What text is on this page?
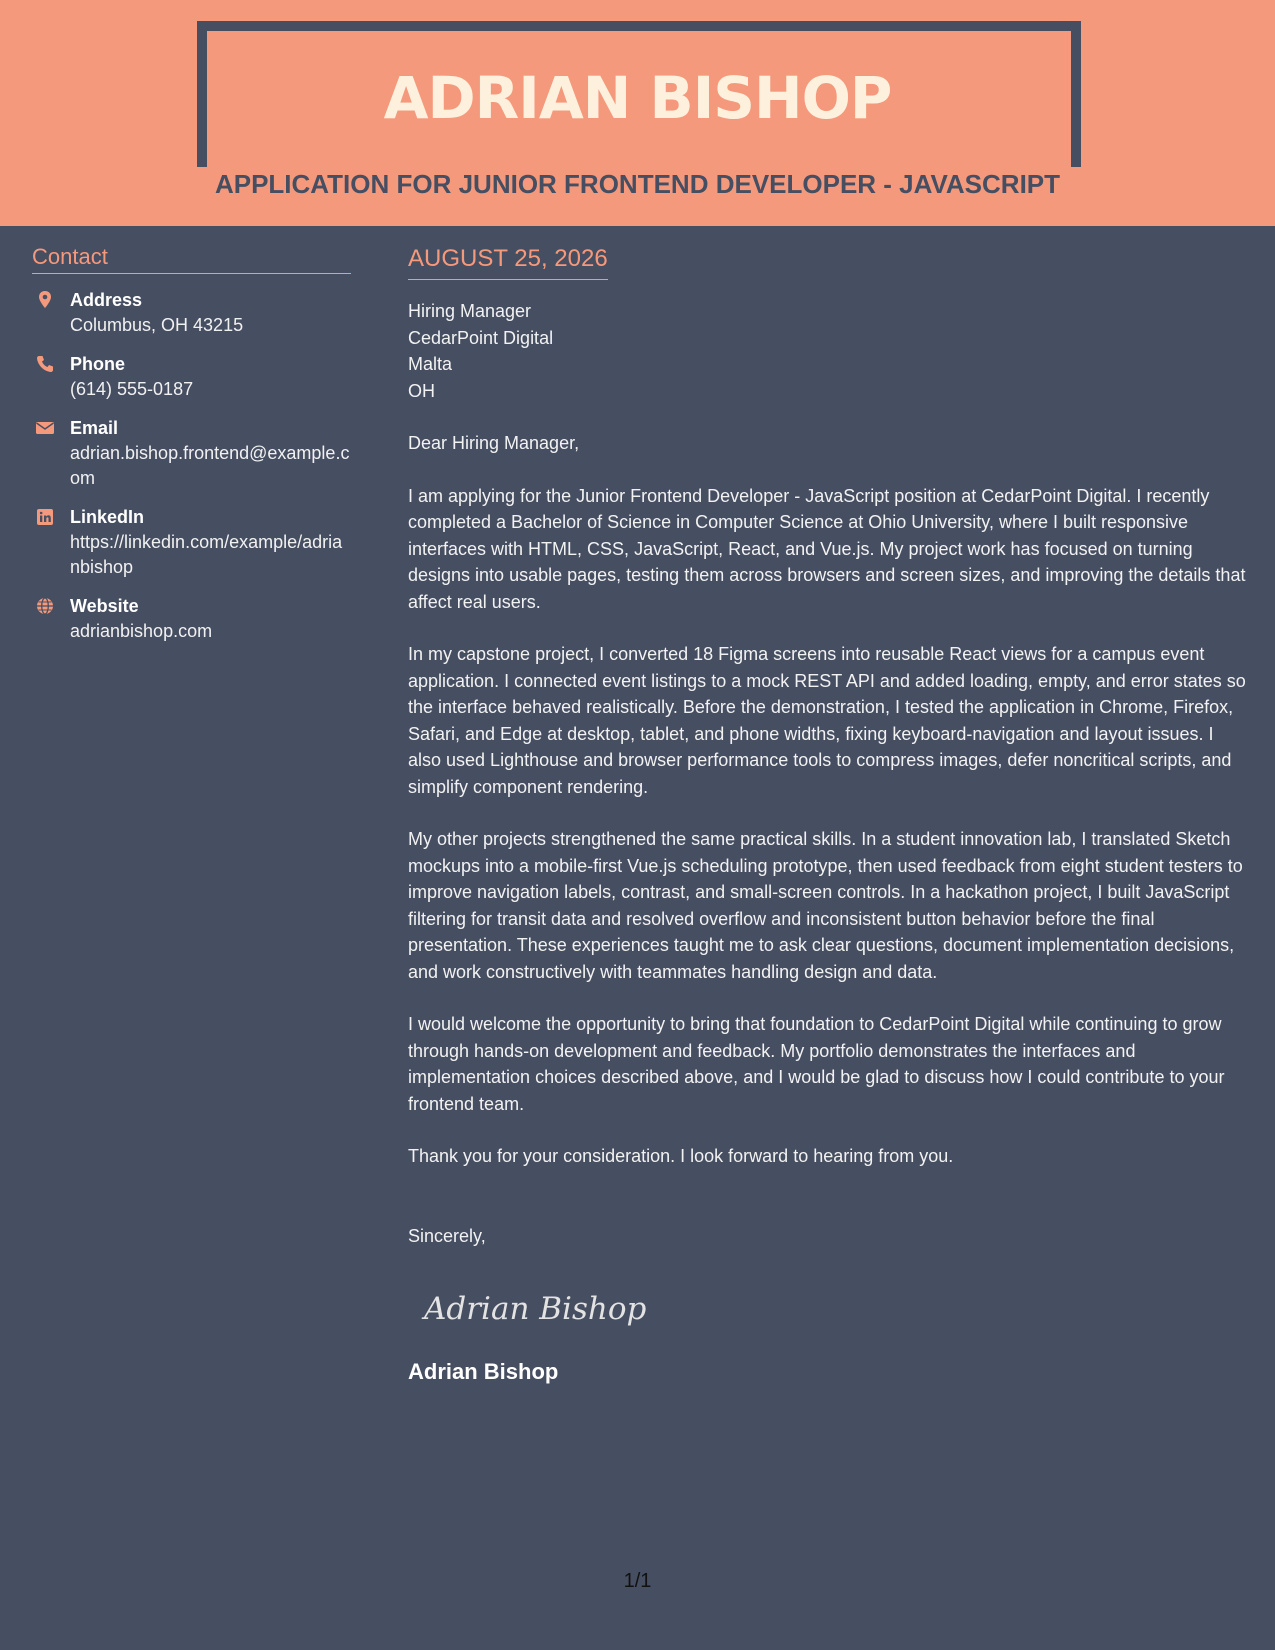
ADRIAN BISHOP
APPLICATION FOR JUNIOR FRONTEND DEVELOPER - JAVASCRIPT
Contact
Address
Columbus, OH 43215
Phone
(614) 555-0187
Email
adrian.bishop.frontend@example.com
LinkedIn
https://linkedin.com/example/adrianbishop
Website
adrianbishop.com
AUGUST 25, 2026
Hiring Manager
CedarPoint Digital
Malta
OH
Dear Hiring Manager,

I am applying for the Junior Frontend Developer - JavaScript position at CedarPoint Digital. I recently completed a Bachelor of Science in Computer Science at Ohio University, where I built responsive interfaces with HTML, CSS, JavaScript, React, and Vue.js. My project work has focused on turning designs into usable pages, testing them across browsers and screen sizes, and improving the details that affect real users.

In my capstone project, I converted 18 Figma screens into reusable React views for a campus event application. I connected event listings to a mock REST API and added loading, empty, and error states so the interface behaved realistically. Before the demonstration, I tested the application in Chrome, Firefox, Safari, and Edge at desktop, tablet, and phone widths, fixing keyboard-navigation and layout issues. I also used Lighthouse and browser performance tools to compress images, defer noncritical scripts, and simplify component rendering.

My other projects strengthened the same practical skills. In a student innovation lab, I translated Sketch mockups into a mobile-first Vue.js scheduling prototype, then used feedback from eight student testers to improve navigation labels, contrast, and small-screen controls. In a hackathon project, I built JavaScript filtering for transit data and resolved overflow and inconsistent button behavior before the final presentation. These experiences taught me to ask clear questions, document implementation decisions, and work constructively with teammates handling design and data.

I would welcome the opportunity to bring that foundation to CedarPoint Digital while continuing to grow through hands-on development and feedback. My portfolio demonstrates the interfaces and implementation choices described above, and I would be glad to discuss how I could contribute to your frontend team.

Thank you for your consideration. I look forward to hearing from you.

Sincerely,
Adrian Bishop
Adrian Bishop
1/1
